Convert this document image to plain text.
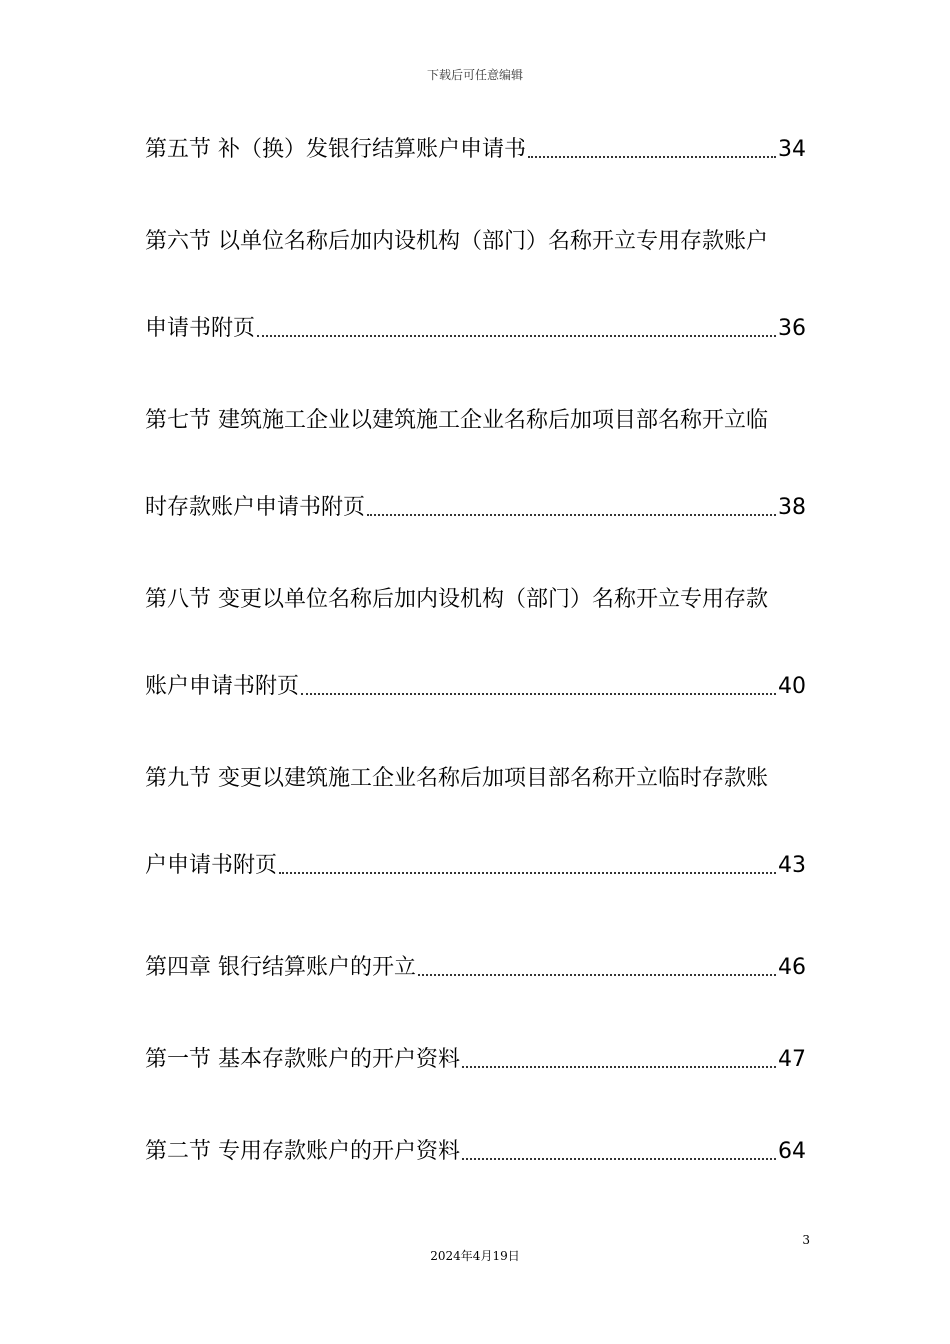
下载后可任意编辑
第五节 补（换）发银行结算账户申请书	34
第六节 以单位名称后加内设机构（部门）名称开立专用存款账户
申请书附页	36
第七节 建筑施工企业以建筑施工企业名称后加项目部名称开立临
时存款账户申请书附页	38
第八节 变更以单位名称后加内设机构（部门）名称开立专用存款
账户申请书附页	40
第九节 变更以建筑施工企业名称后加项目部名称开立临时存款账
户申请书附页	43
第四章 银行结算账户的开立	46
第一节 基本存款账户的开户资料	47
第二节 专用存款账户的开户资料	64
3
2024年4月19日
